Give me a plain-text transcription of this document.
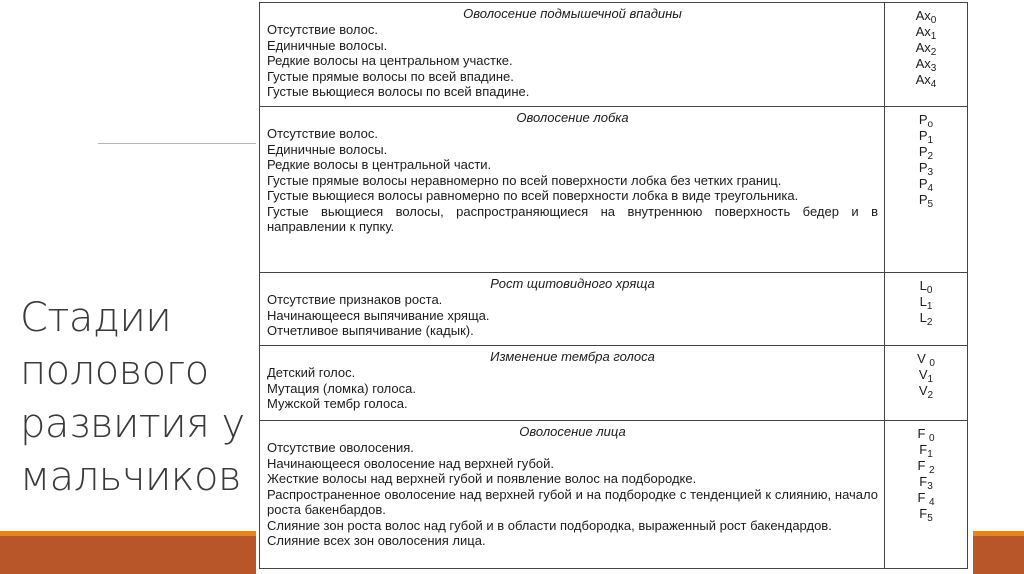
Стадии
полового
развития у
мальчиков
Оволосение подмышечной впадины
Отсутствие волос.
Единичные волосы.
Редкие волосы на центральном участке.
Густые прямые волосы по всей впадине.
Густые вьющиеся волосы по всей впадине.
$Ax_0$
$Ax_1$
$Ax_2$
$Ax_3$
$Ax_4$
Оволосение лобка
Отсутствие волос.
Единичные волосы.
Редкие волосы в центральной части.
Густые прямые волосы неравномерно по всей поверхности лобка без четких границ.
Густые вьющиеся волосы равномерно по всей поверхности лобка в виде треугольника.
Густые вьющиеся волосы, распространяющиеся на внутреннюю поверхность бедер и в направлении к пупку.
$P_o$
$P_1$
$P_2$
$P_3$
$P_4$
$P_5$
Рост щитовидного хряща
Отсутствие признаков роста.
Начинающееся выпячивание хряща.
Отчетливое выпячивание (кадык).
$L_0$
$L_1$
$L_2$
Изменение тембра голоса
Детский голос.
Мутация (ломка) голоса.
Мужской тембр голоса.
V $_0$
$V_1$
$V_2$
Оволосение лица
Отсутствие оволосения.
Начинающееся оволосение над верхней губой.
Жесткие волосы над верхней губой и появление волос на подбородке.
Распространенное оволосение над верхней губой и на подбородке с тенденцией к слиянию, начало роста бакенбардов.
Слияние зон роста волос над губой и в области подбородка, выраженный рост бакендардов.
Слияние всех зон оволосения лица.
F $_0$
$F_1$
F $_2$
$F_3$
F $_4$
$F_5$
